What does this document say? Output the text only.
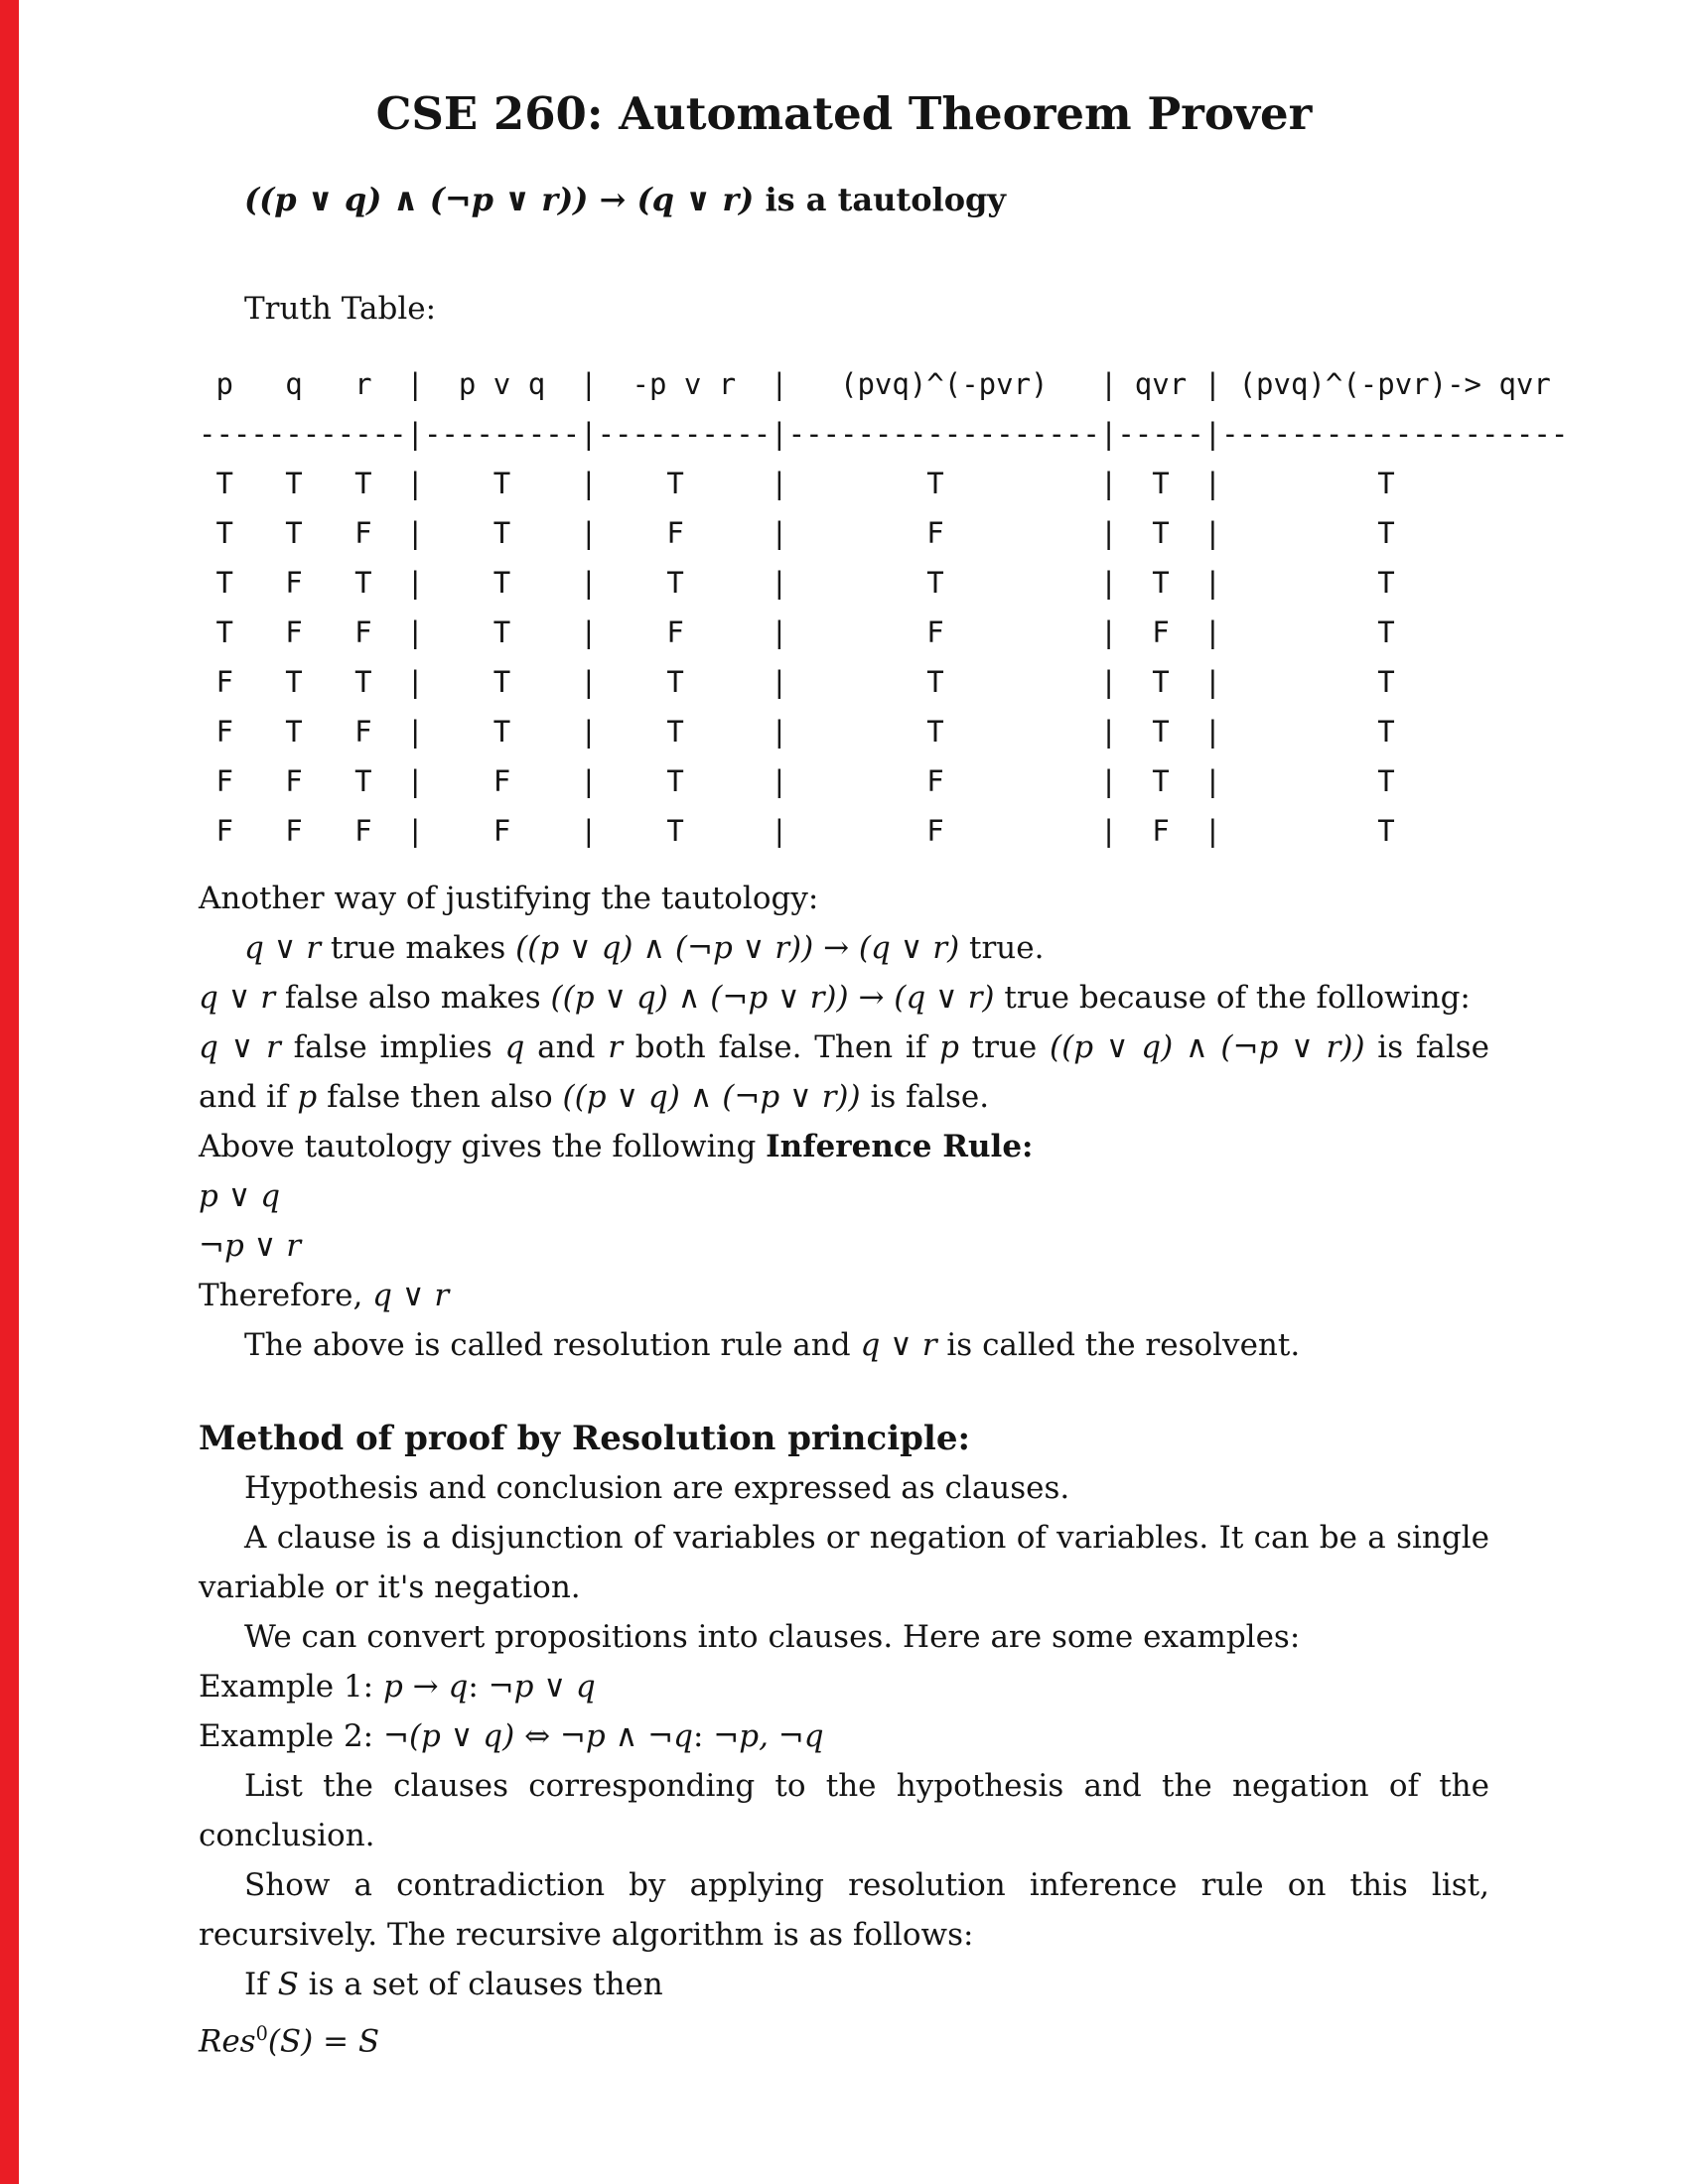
CSE 260: Automated Theorem Prover
((p ∨ q) ∧ (¬p ∨ r)) → (q ∨ r) is a tautology
Truth Table:
p   q   r  |  p v q  |  -p v r  |   (pvq)^(-pvr)   | qvr | (pvq)^(-pvr)-> qvr
------------|---------|----------|------------------|-----|--------------------
T   T   T  |    T    |    T     |        T         |  T  |         T
T   T   F  |    T    |    F     |        F         |  T  |         T
T   F   T  |    T    |    T     |        T         |  T  |         T
T   F   F  |    T    |    F     |        F         |  F  |         T
F   T   T  |    T    |    T     |        T         |  T  |         T
F   T   F  |    T    |    T     |        T         |  T  |         T
F   F   T  |    F    |    T     |        F         |  T  |         T
F   F   F  |    F    |    T     |        F         |  F  |         T

Another way of justifying the tautology:

q ∨ r true makes ((p ∨ q) ∧ (¬p ∨ r)) → (q ∨ r) true.

q ∨ r false also makes ((p ∨ q) ∧ (¬p ∨ r)) → (q ∨ r) true because of the following:

q ∨ r false implies q and r both false. Then if p true ((p ∨ q) ∧ (¬p ∨ r)) is false and if p false then also ((p ∨ q) ∧ (¬p ∨ r)) is false.

Above tautology gives the following Inference Rule:

p ∨ q

¬p ∨ r

Therefore, q ∨ r

The above is called resolution rule and q ∨ r is called the resolvent.

Method of proof by Resolution principle:

Hypothesis and conclusion are expressed as clauses.

A clause is a disjunction of variables or negation of variables. It can be a single variable or it's negation.

We can convert propositions into clauses. Here are some examples:

Example 1: p → q: ¬p ∨ q

Example 2: ¬(p ∨ q) ⇔ ¬p ∧ ¬q: ¬p, ¬q

List the clauses corresponding to the hypothesis and the negation of the conclusion.

Show a contradiction by applying resolution inference rule on this list, recursively. The recursive algorithm is as follows:

If S is a set of clauses then

Res$^0$(S) = S
